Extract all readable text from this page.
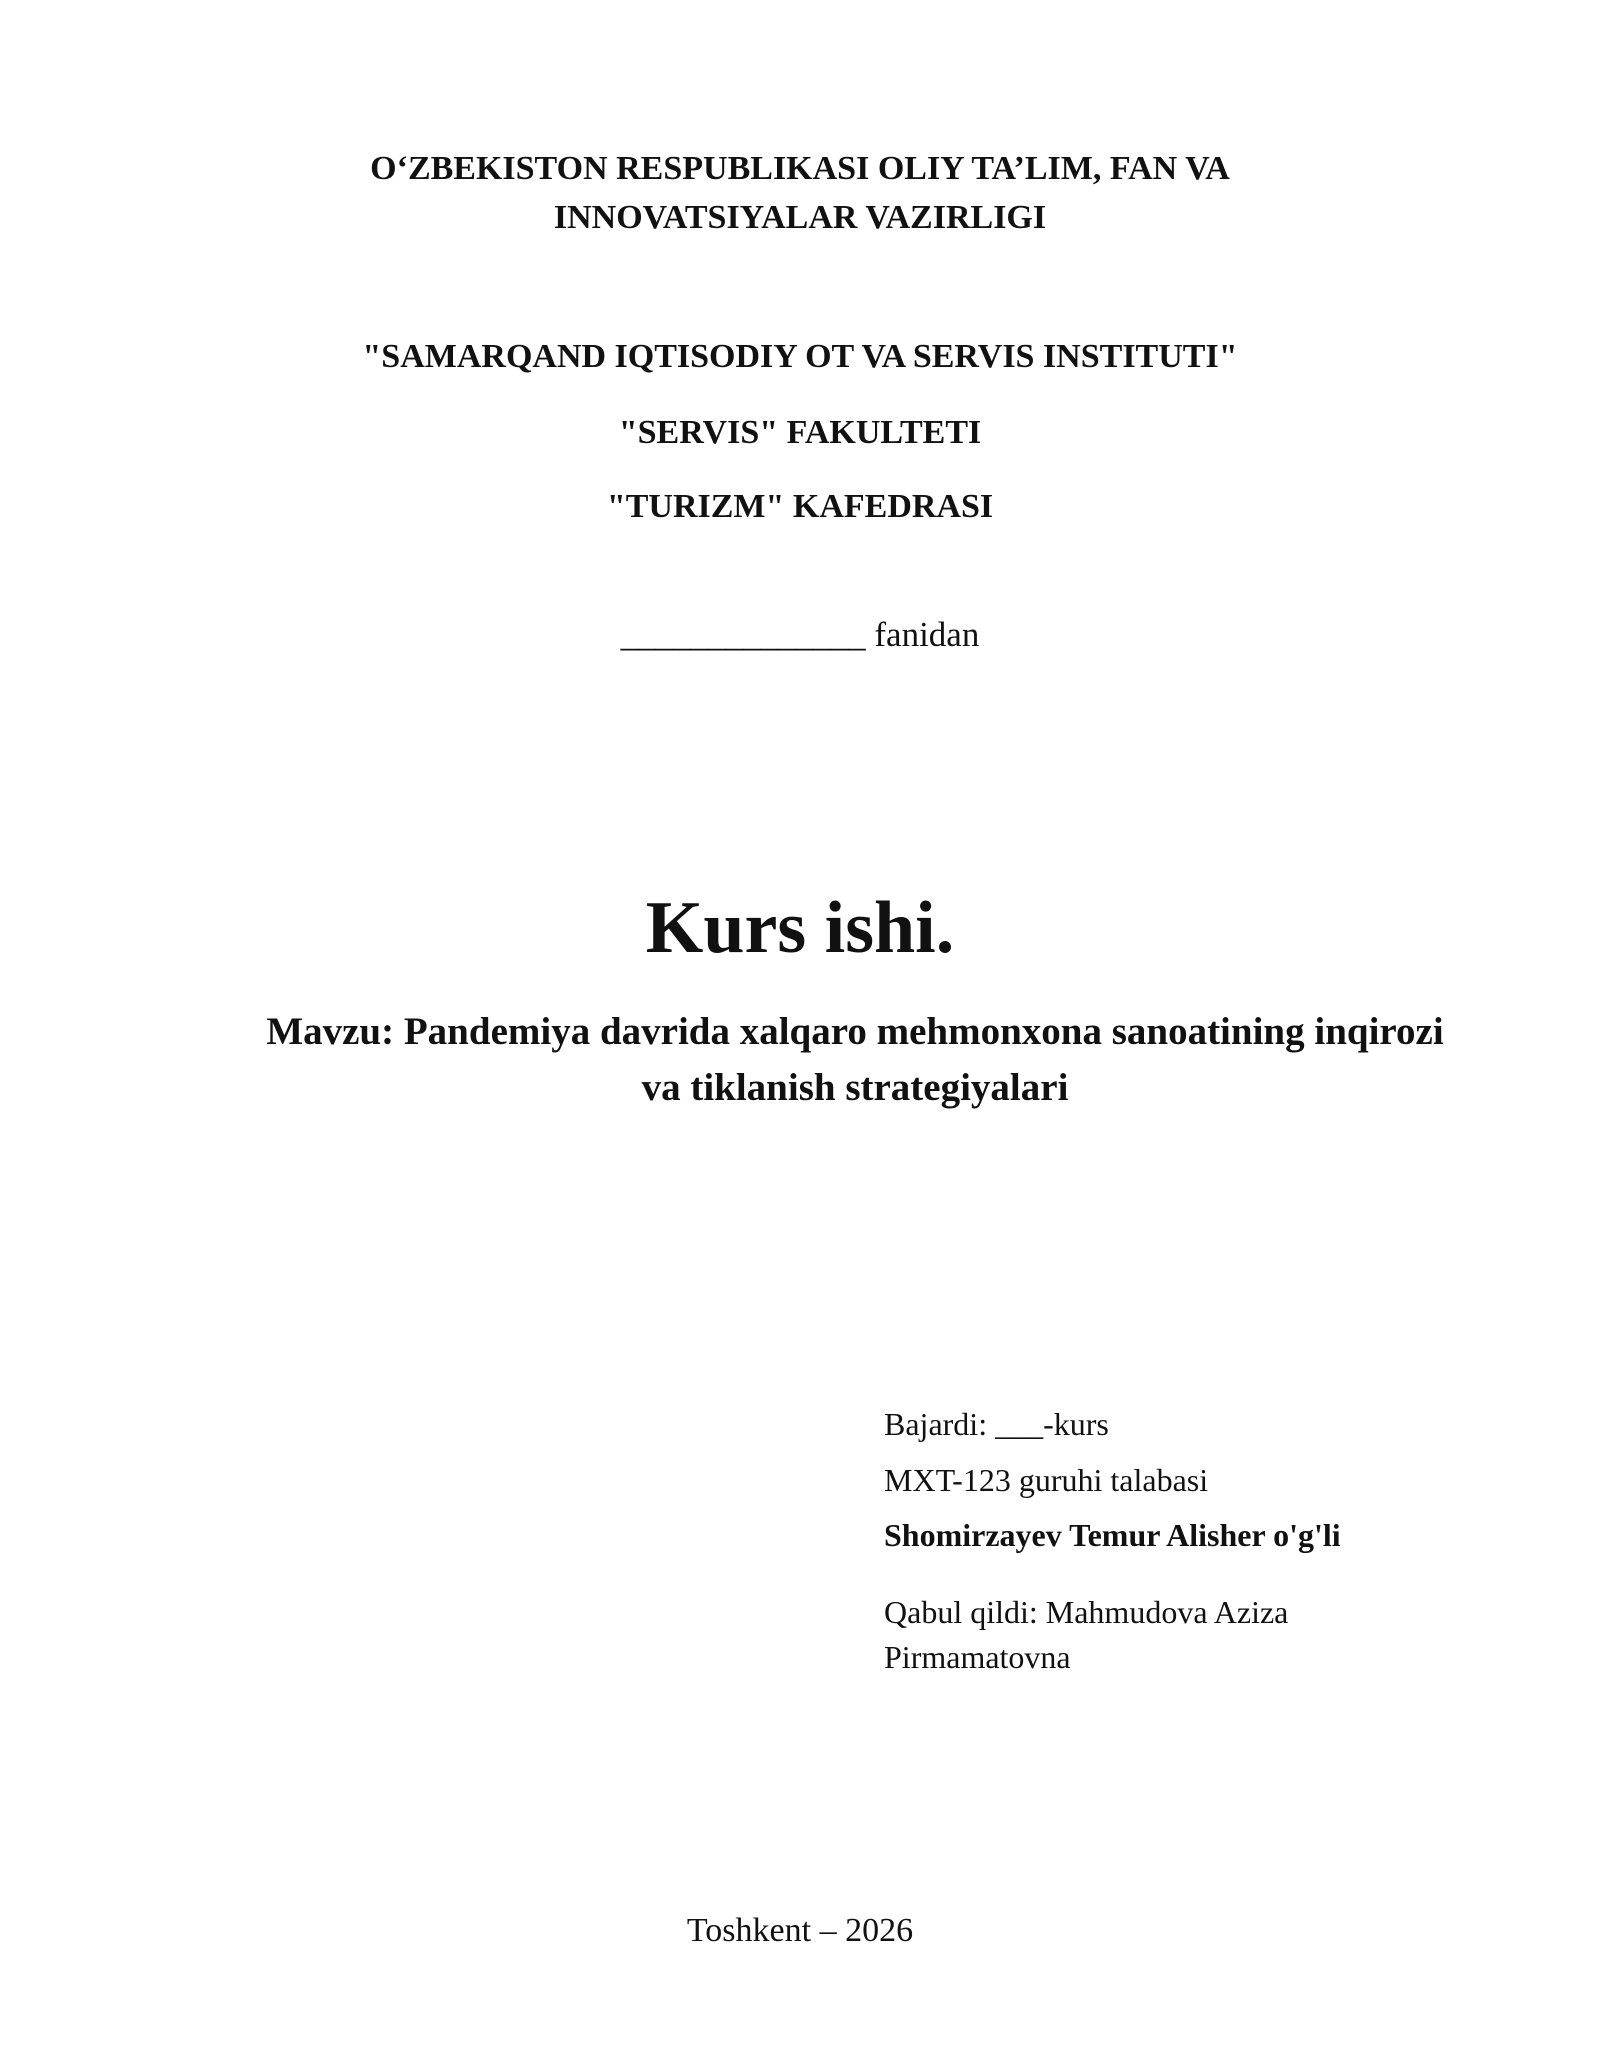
O‘ZBEKISTON RESPUBLIKASI OLIY TA’LIM, FAN VA
INNOVATSIYALAR VAZIRLIGI
"SAMARQAND IQTISODIY OT VA SERVIS INSTITUTI"
"SERVIS" FAKULTETI
"TURIZM" KAFEDRASI
______________ fanidan
Kurs ishi.
Mavzu: Pandemiya davrida xalqaro mehmonxona sanoatining inqirozi
va tiklanish strategiyalari
Bajardi: ___-kurs
MXT-123 guruhi talabasi
Shomirzayev Temur Alisher o'g'li
Qabul qildi: Mahmudova Aziza
Pirmamatovna
Toshkent – 2026
